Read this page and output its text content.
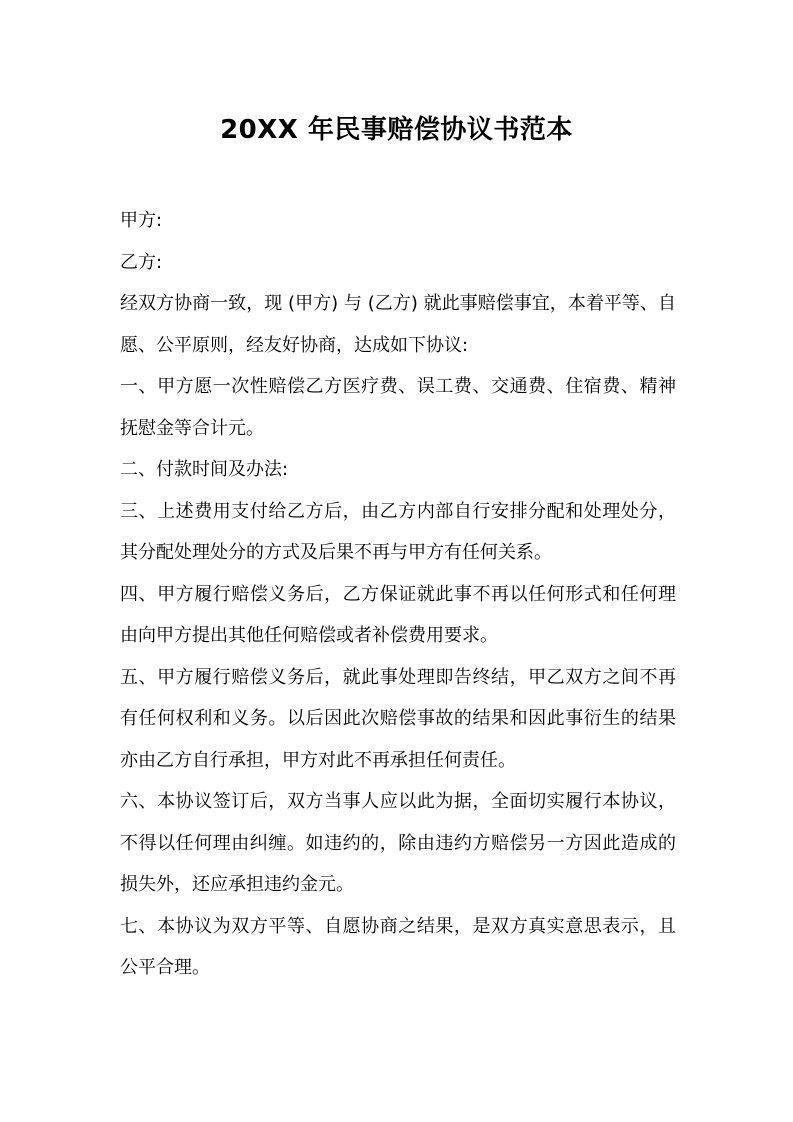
20XX 年民事赔偿协议书范本

甲方:

乙方:

经双方协商一致，现 (甲方) 与 (乙方) 就此事赔偿事宜，本着平等、自愿、公平原则，经友好协商，达成如下协议:

一、甲方愿一次性赔偿乙方医疗费、误工费、交通费、住宿费、精神抚慰金等合计元。

二、付款时间及办法:

三、上述费用支付给乙方后，由乙方内部自行安排分配和处理处分，其分配处理处分的方式及后果不再与甲方有任何关系。

四、甲方履行赔偿义务后，乙方保证就此事不再以任何形式和任何理由向甲方提出其他任何赔偿或者补偿费用要求。

五、甲方履行赔偿义务后，就此事处理即告终结，甲乙双方之间不再有任何权利和义务。以后因此次赔偿事故的结果和因此事衍生的结果亦由乙方自行承担，甲方对此不再承担任何责任。

六、本协议签订后，双方当事人应以此为据，全面切实履行本协议，不得以任何理由纠缠。如违约的，除由违约方赔偿另一方因此造成的损失外，还应承担违约金元。

七、本协议为双方平等、自愿协商之结果，是双方真实意思表示，且公平合理。
